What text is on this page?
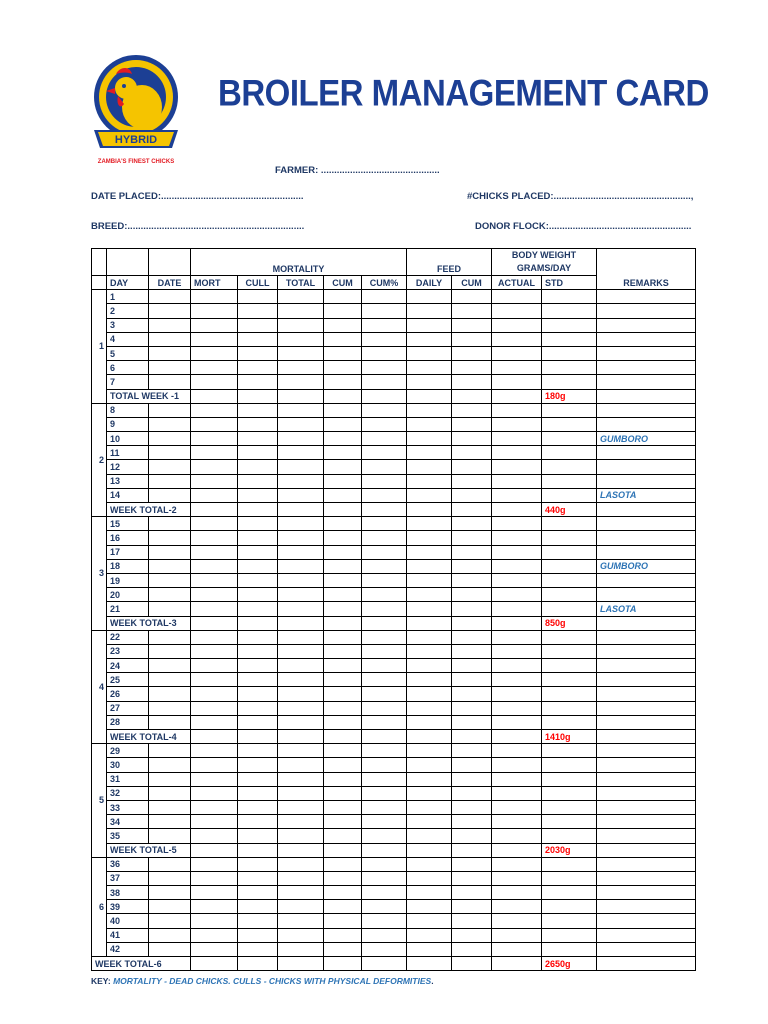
HYBRID
ZAMBIA'S FINEST CHICKS
BROILER MANAGEMENT CARD
FARMER: .............................................
DATE PLACED:......................................................	#CHICKS PLACED:....................................................,
BREED:...................................................................	DONOR FLOCK:......................................................
			MORTALITY					FEED		BODY WEIGHT GRAMS/DAY		REMARKS
	DAY	DATE	MORT	CULL	TOTAL	CUM	CUM%	DAILY	CUM	ACTUAL	STD	
1	1											
	2											
	3											
	4											
	5											
	6											
	7											
	TOTAL WEEK -1										180g	
2	8											
	9											
	10											GUMBORO
	11											
	12											
	13											
	14											LASOTA
	WEEK TOTAL-2										440g	
3	15											
	16											
	17											
	18											GUMBORO
	19											
	20											
	21											LASOTA
	WEEK TOTAL-3										850g	
4	22											
	23											
	24											
	25											
	26											
	27											
	28											
	WEEK TOTAL-4										1410g	
5	29											
	30											
	31											
	32											
	33											
	34											
	35											
	WEEK TOTAL-5										2030g	
6	36											
	37											
	38											
	39											
	40											
	41											
	42											
WEEK TOTAL-6											2650g	
KEY: MORTALITY - DEAD CHICKS. CULLS - CHICKS WITH PHYSICAL DEFORMITIES.
